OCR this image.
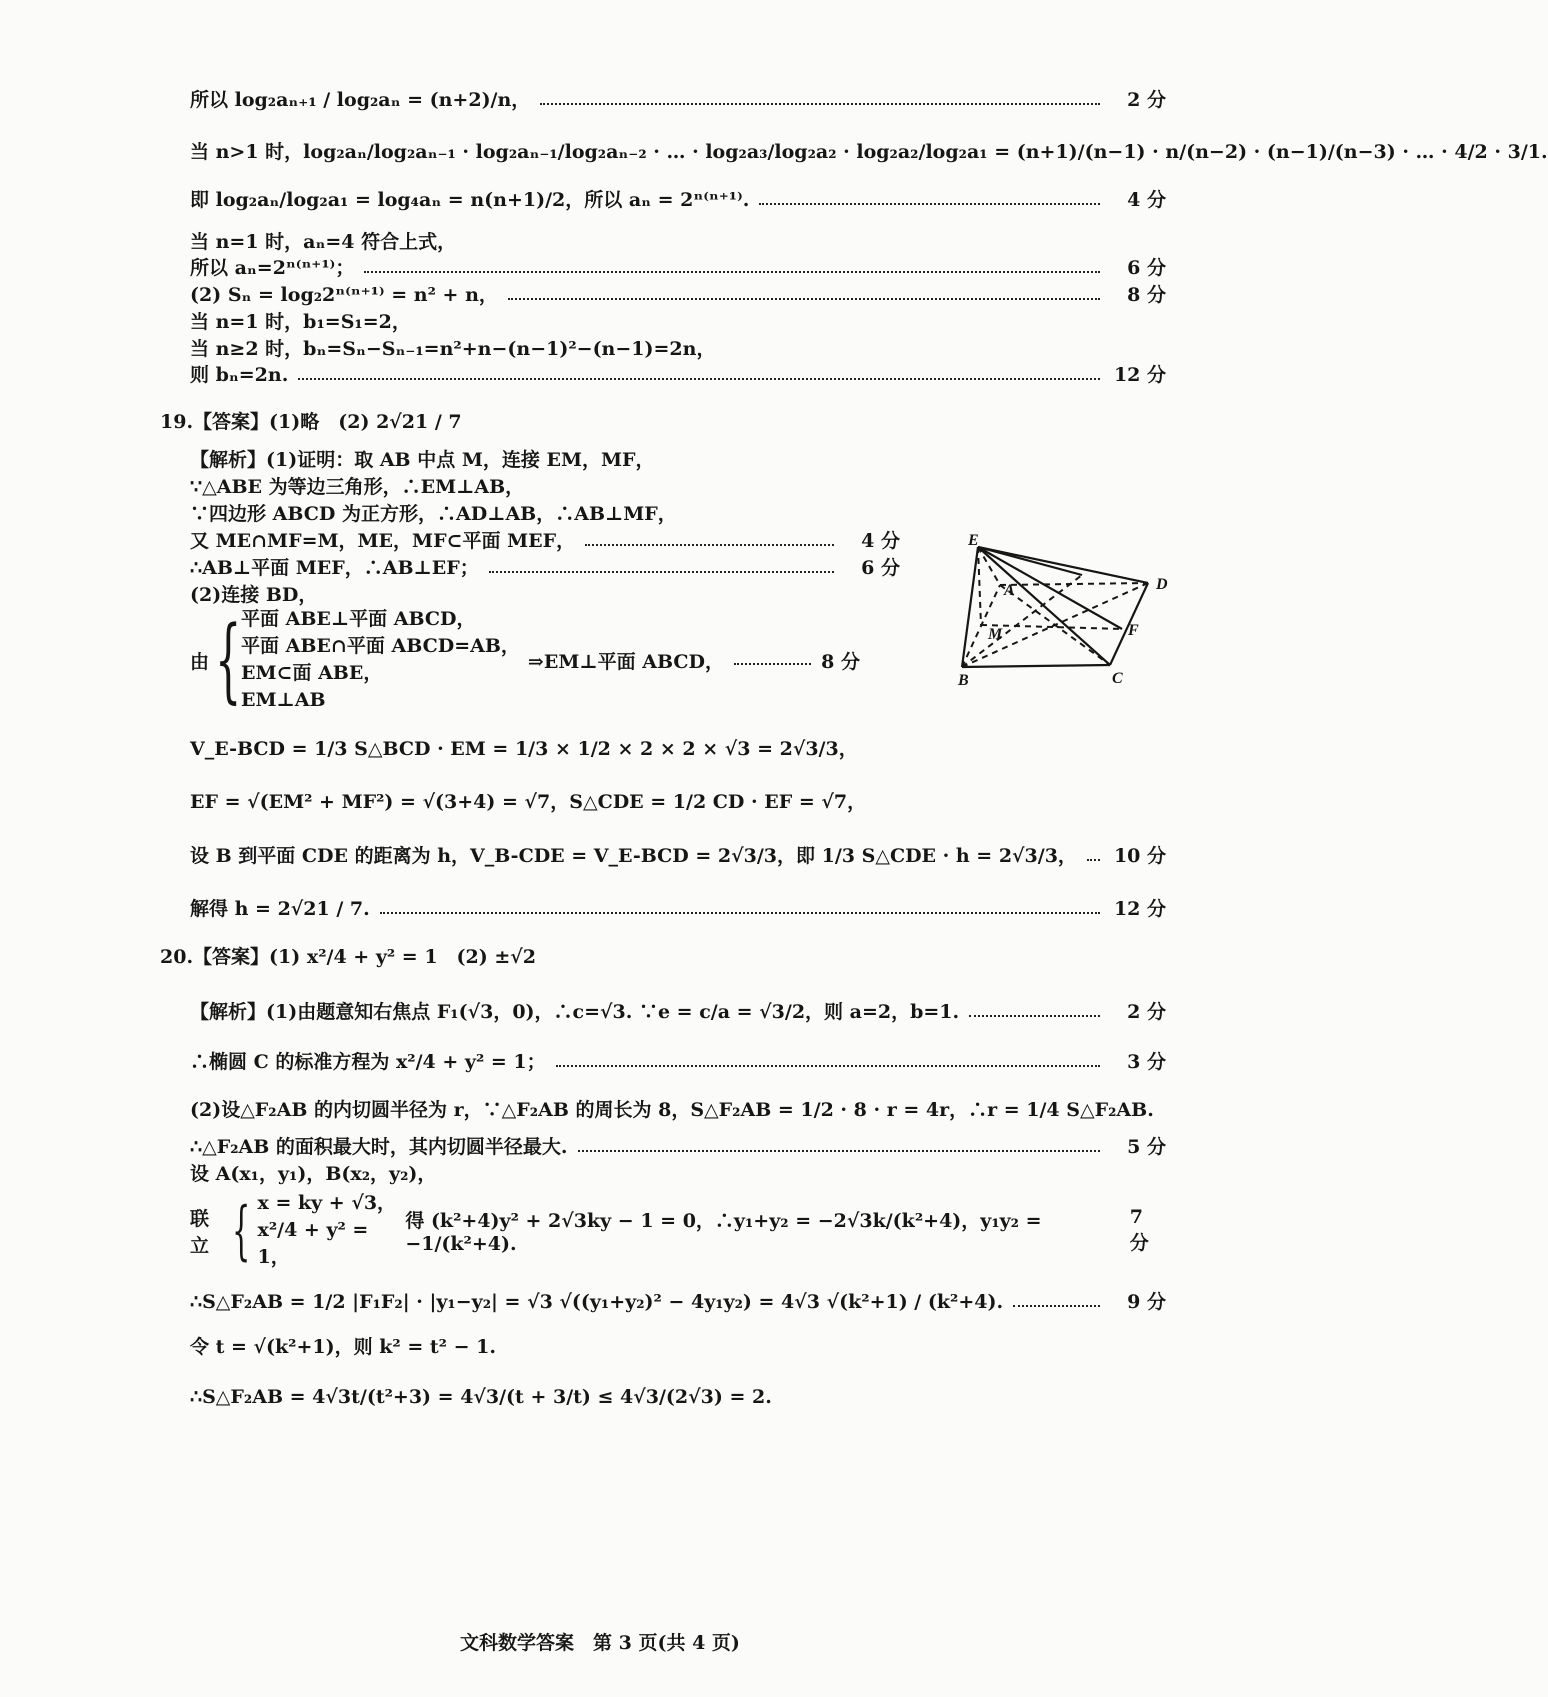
所以 log₂aₙ₊₁ / log₂aₙ = (n+2)/n，	2 分
当 n>1 时，log₂aₙ/log₂aₙ₋₁ · log₂aₙ₋₁/log₂aₙ₋₂ · … · log₂a₃/log₂a₂ · log₂a₂/log₂a₁ = (n+1)/(n−1) · n/(n−2) · (n−1)/(n−3) · … · 4/2 · 3/1.
即 log₂aₙ/log₂a₁ = log₄aₙ = n(n+1)/2，所以 aₙ = 2ⁿ⁽ⁿ⁺¹⁾.	4 分
当 n=1 时，aₙ=4 符合上式，
所以 aₙ=2ⁿ⁽ⁿ⁺¹⁾；	6 分
(2) Sₙ = log₂2ⁿ⁽ⁿ⁺¹⁾ = n² + n，	8 分
当 n=1 时，b₁=S₁=2，
当 n≥2 时，bₙ=Sₙ−Sₙ₋₁=n²+n−(n−1)²−(n−1)=2n，
则 bₙ=2n.	12 分
19.【答案】(1)略　(2) 2√21 / 7
【解析】(1)证明：取 AB 中点 M，连接 EM，MF，
∵△ABE 为等边三角形，∴EM⊥AB，
∵四边形 ABCD 为正方形，∴AD⊥AB，∴AB⊥MF，
又 ME∩MF=M，ME，MF⊂平面 MEF，	4 分
∴AB⊥平面 MEF，∴AB⊥EF；	6 分
(2)连接 BD，
由 { 平面 ABE⊥平面 ABCD，
平面 ABE∩平面 ABCD=AB，
EM⊂面 ABE，
EM⊥AB
⇒EM⊥平面 ABCD，	8 分
V_E-BCD = 1/3 S△BCD · EM = 1/3 × 1/2 × 2 × 2 × √3 = 2√3/3，
EF = √(EM² + MF²) = √(3+4) = √7，S△CDE = 1/2 CD · EF = √7，
设 B 到平面 CDE 的距离为 h，V_B-CDE = V_E-BCD = 2√3/3，即 1/3 S△CDE · h = 2√3/3， 10 分
解得 h = 2√21 / 7.	12 分
20.【答案】(1) x²/4 + y² = 1　(2) ±√2
【解析】(1)由题意知右焦点 F₁(√3，0)，∴c=√3. ∵e = c/a = √3/2，则 a=2，b=1.	2 分
∴椭圆 C 的标准方程为 x²/4 + y² = 1；	3 分
(2)设△F₂AB 的内切圆半径为 r，∵△F₂AB 的周长为 8，S△F₂AB = 1/2 · 8 · r = 4r，∴r = 1/4 S△F₂AB.
∴△F₂AB 的面积最大时，其内切圆半径最大.	5 分
设 A(x₁，y₁)，B(x₂，y₂)，
联立 { x = ky + √3，
x²/4 + y² = 1，
得 (k²+4)y² + 2√3ky − 1 = 0，∴y₁+y₂ = −2√3k/(k²+4)，y₁y₂ = −1/(k²+4).
7 分
∴S△F₂AB = 1/2 |F₁F₂| · |y₁−y₂| = √3 √((y₁+y₂)² − 4y₁y₂) = 4√3 √(k²+1) / (k²+4).	9 分
令 t = √(k²+1)，则 k² = t² − 1.
∴S△F₂AB = 4√3t/(t²+3) = 4√3/(t + 3/t) ≤ 4√3/(2√3) = 2.
E
A	D
M	F
B	C
文科数学答案　第 3 页(共 4 页)
